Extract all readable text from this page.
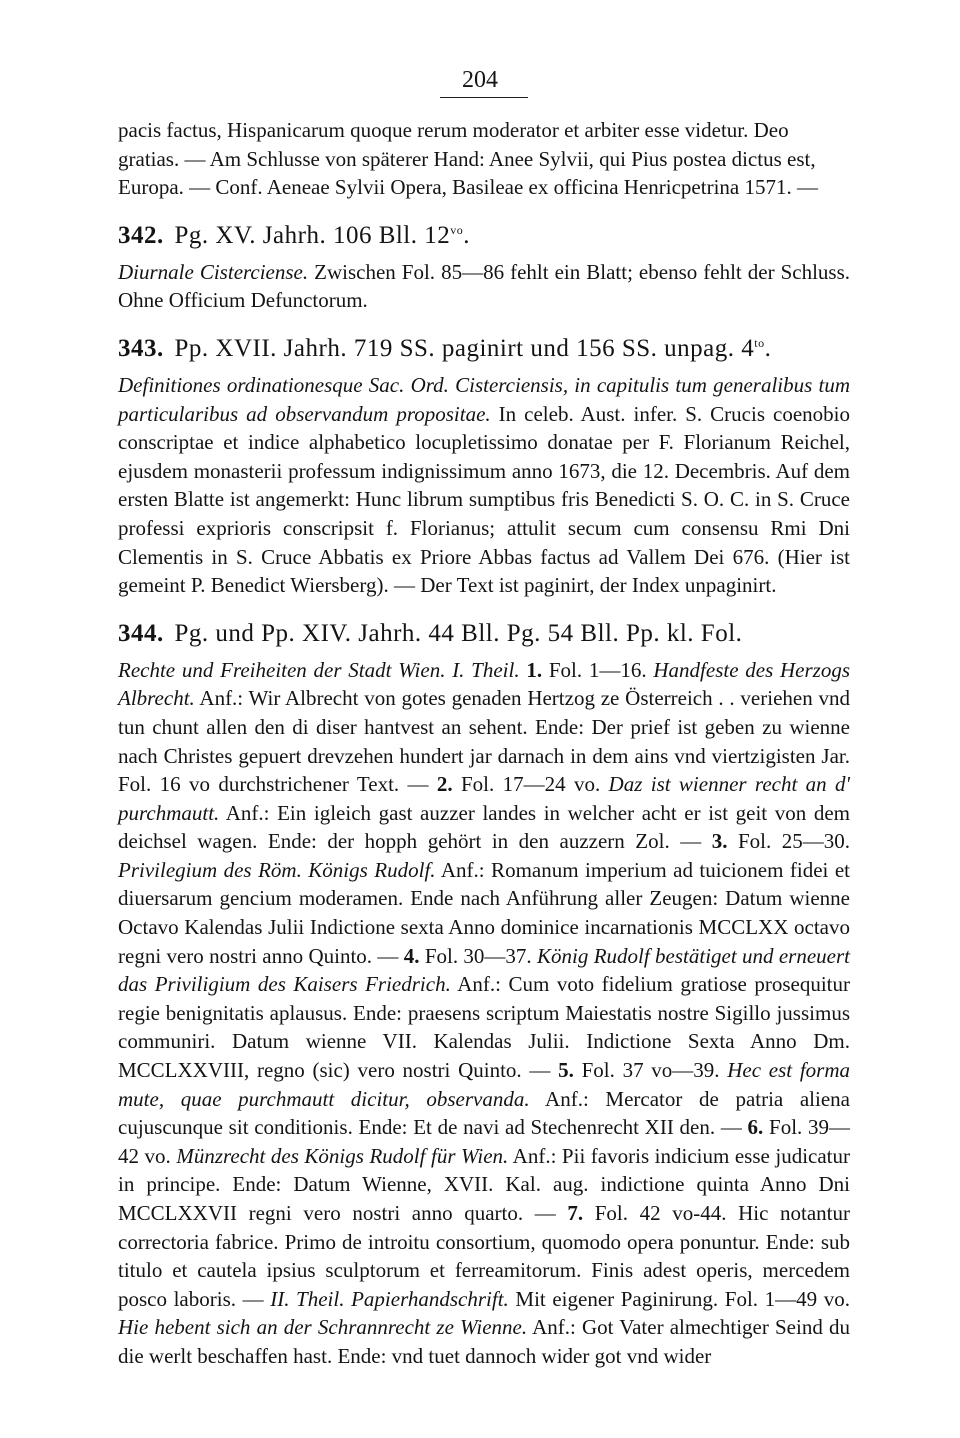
204

pacis factus, Hispanicarum quoque rerum moderator et arbiter esse videtur. Deo gratias. — Am Schlusse von späterer Hand: Anee Sylvii, qui Pius postea dictus est, Europa. — Conf. Aeneae Sylvii Opera, Basileae ex officina Henricpetrina 1571. —

342. Pg. XV. Jahrh. 106 Bll. $12^{vo}$.

Diurnale Cisterciense. Zwischen Fol. 85—86 fehlt ein Blatt; ebenso fehlt der Schluss. Ohne Officium Defunctorum.

343. Pp. XVII. Jahrh. 719 SS. paginirt und 156 SS. unpag. $4^{to}$.

Definitiones ordinationesque Sac. Ord. Cisterciensis, in capitulis tum generalibus tum particularibus ad observandum propositae. In celeb. Aust. infer. S. Crucis coenobio conscriptae et indice alphabetico locupletissimo donatae per F. Florianum Reichel, ejusdem monasterii professum indignissimum anno 1673, die 12. Decembris. Auf dem ersten Blatte ist angemerkt: Hunc librum sumptibus fris Benedicti S. O. C. in S. Cruce professi exprioris conscripsit f. Florianus; attulit secum cum consensu Rmi Dni Clementis in S. Cruce Abbatis ex Priore Abbas factus ad Vallem Dei 676. (Hier ist gemeint P. Benedict Wiersberg). — Der Text ist paginirt, der Index unpaginirt.

344. Pg. und Pp. XIV. Jahrh. 44 Bll. Pg. 54 Bll. Pp. kl. Fol.

Rechte und Freiheiten der Stadt Wien. I. Theil. 1. Fol. 1—16. Handfeste des Herzogs Albrecht. Anf.: Wir Albrecht von gotes genaden Hertzog ze Österreich . . veriehen vnd tun chunt allen den di diser hantvest an sehent. Ende: Der prief ist geben zu wienne nach Christes gepuert drevzehen hundert jar darnach in dem ains vnd viertzigisten Jar. Fol. 16 vo durchstrichener Text. — 2. Fol. 17—24 vo. Daz ist wienner recht an d' purchmautt. Anf.: Ein igleich gast auzzer landes in welcher acht er ist geit von dem deichsel wagen. Ende: der hopph gehört in den auzzern Zol. — 3. Fol. 25—30. Privilegium des Röm. Königs Rudolf. Anf.: Romanum imperium ad tuicionem fidei et diuersarum gencium moderamen. Ende nach Anführung aller Zeugen: Datum wienne Octavo Kalendas Julii Indictione sexta Anno dominice incarnationis MCCLXX octavo regni vero nostri anno Quinto. — 4. Fol. 30—37. König Rudolf bestätiget und erneuert das Priviligium des Kaisers Friedrich. Anf.: Cum voto fidelium gratiose prosequitur regie benignitatis aplausus. Ende: praesens scriptum Maiestatis nostre Sigillo jussimus communiri. Datum wienne VII. Kalendas Julii. Indictione Sexta Anno Dm. MCCLXXVIII, regno (sic) vero nostri Quinto. — 5. Fol. 37 vo—39. Hec est forma mute, quae purchmautt dicitur, observanda. Anf.: Mercator de patria aliena cujuscunque sit conditionis. Ende: Et de navi ad Stechenrecht XII den. — 6. Fol. 39—42 vo. Münzrecht des Königs Rudolf für Wien. Anf.: Pii favoris indicium esse judicatur in principe. Ende: Datum Wienne, XVII. Kal. aug. indictione quinta Anno Dni MCCLXXVII regni vero nostri anno quarto. — 7. Fol. 42 vo-44. Hic notantur correctoria fabrice. Primo de introitu consortium, quomodo opera ponuntur. Ende: sub titulo et cautela ipsius sculptorum et ferreamitorum. Finis adest operis, mercedem posco laboris. — II. Theil. Papierhandschrift. Mit eigener Paginirung. Fol. 1—49 vo. Hie hebent sich an der Schrannrecht ze Wienne. Anf.: Got Vater almechtiger Seind du die werlt beschaffen hast. Ende: vnd tuet dannoch wider got vnd wider
